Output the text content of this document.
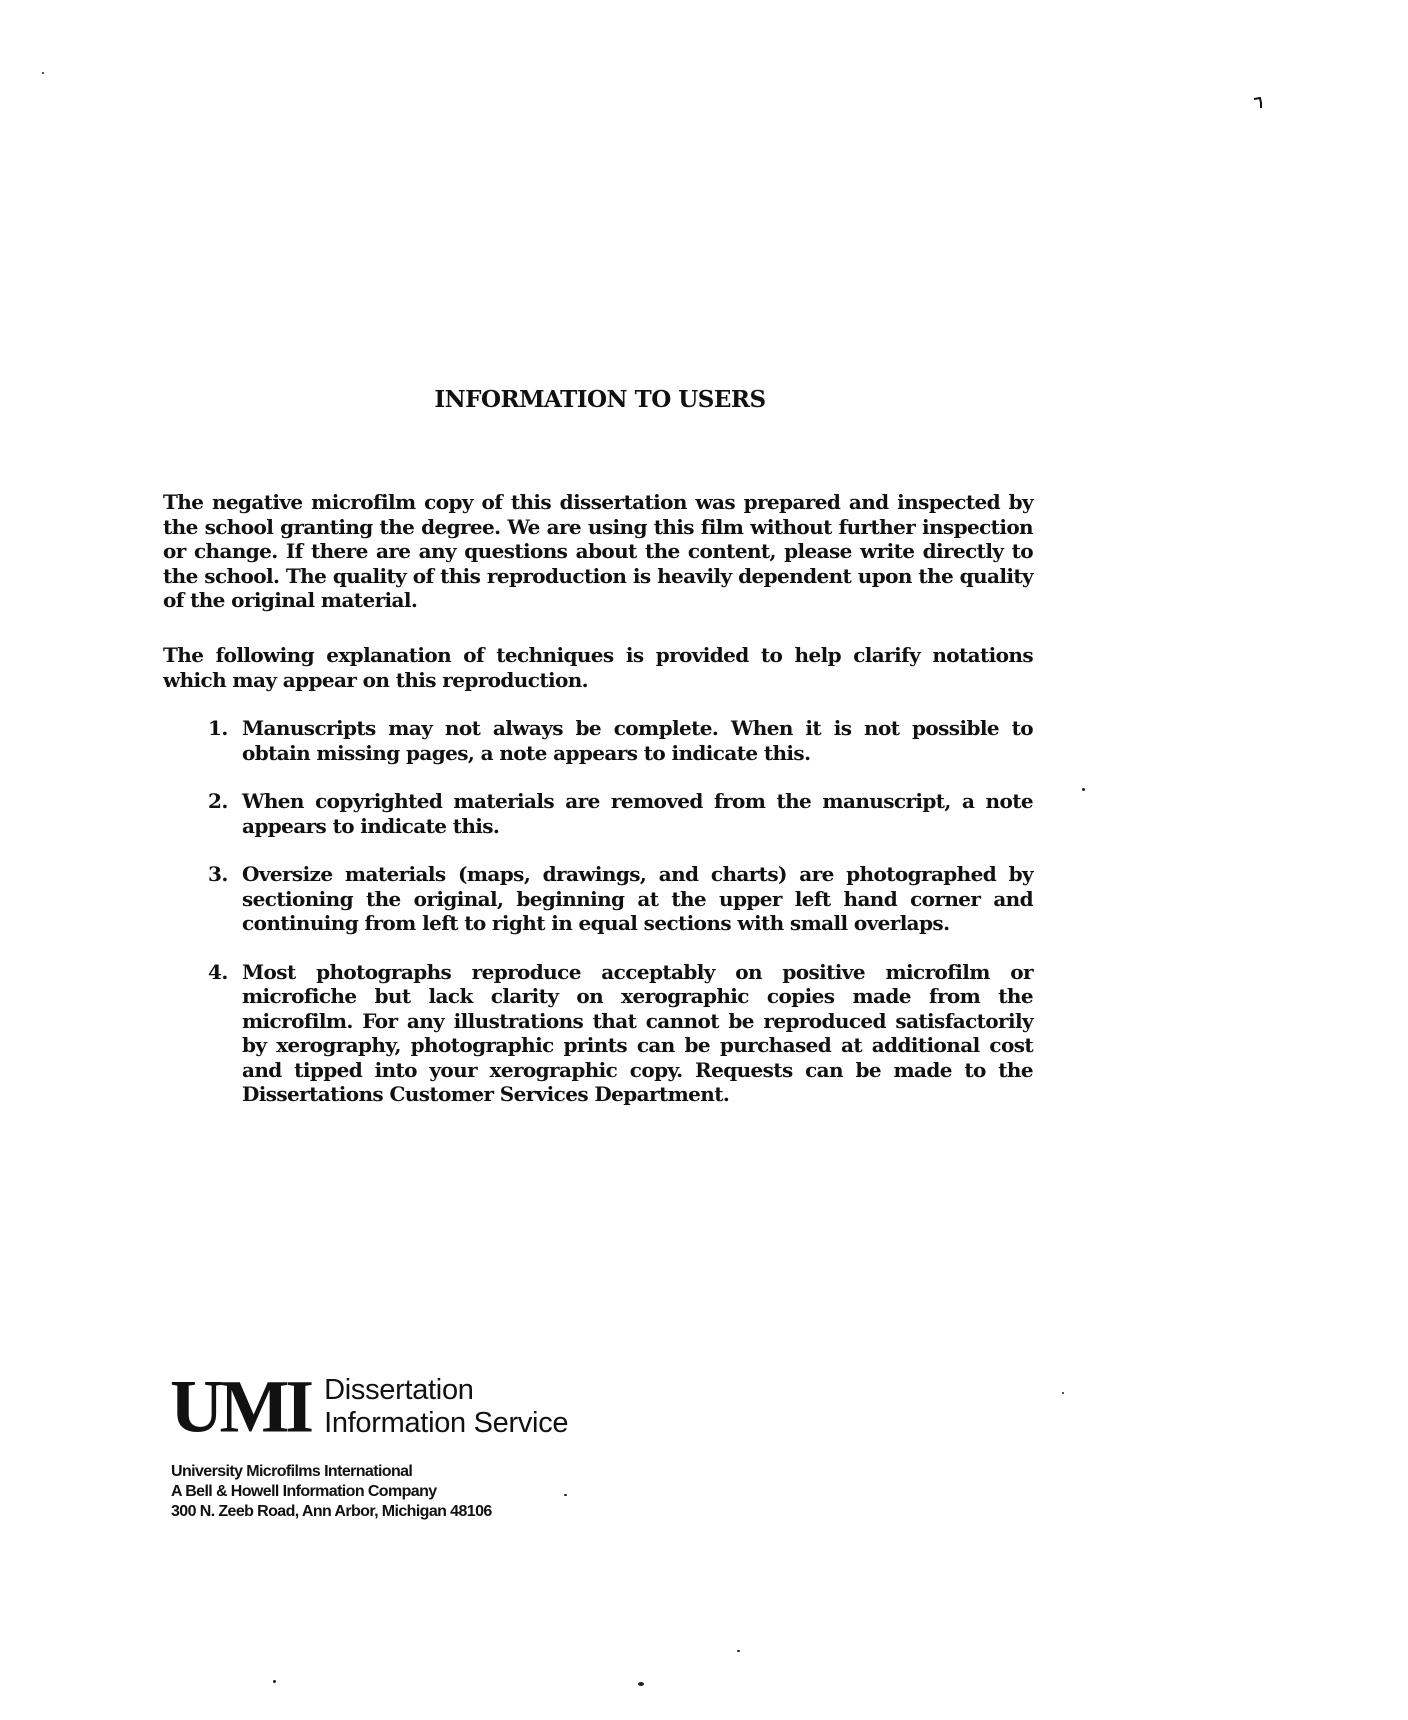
INFORMATION TO USERS

The negative microfilm copy of this dissertation was prepared and inspected by the school granting the degree. We are using this film without further inspection or change. If there are any questions about the content, please write directly to the school. The quality of this reproduction is heavily dependent upon the quality of the original material.

The following explanation of techniques is provided to help clarify notations which may appear on this reproduction.

1. Manuscripts may not always be complete. When it is not possible to obtain missing pages, a note appears to indicate this.
2. When copyrighted materials are removed from the manuscript, a note appears to indicate this.
3. Oversize materials (maps, drawings, and charts) are photographed by sectioning the original, beginning at the upper left hand corner and continuing from left to right in equal sections with small overlaps.
4. Most photographs reproduce acceptably on positive microfilm or microfiche but lack clarity on xerographic copies made from the microfilm. For any illustrations that cannot be reproduced satisfactorily by xerography, photographic prints can be purchased at additional cost and tipped into your xerographic copy. Requests can be made to the Dissertations Customer Services Department.
UMI Dissertation
Information Service
University Microfilms International
A Bell & Howell Information Company
300 N. Zeeb Road, Ann Arbor, Michigan 48106
